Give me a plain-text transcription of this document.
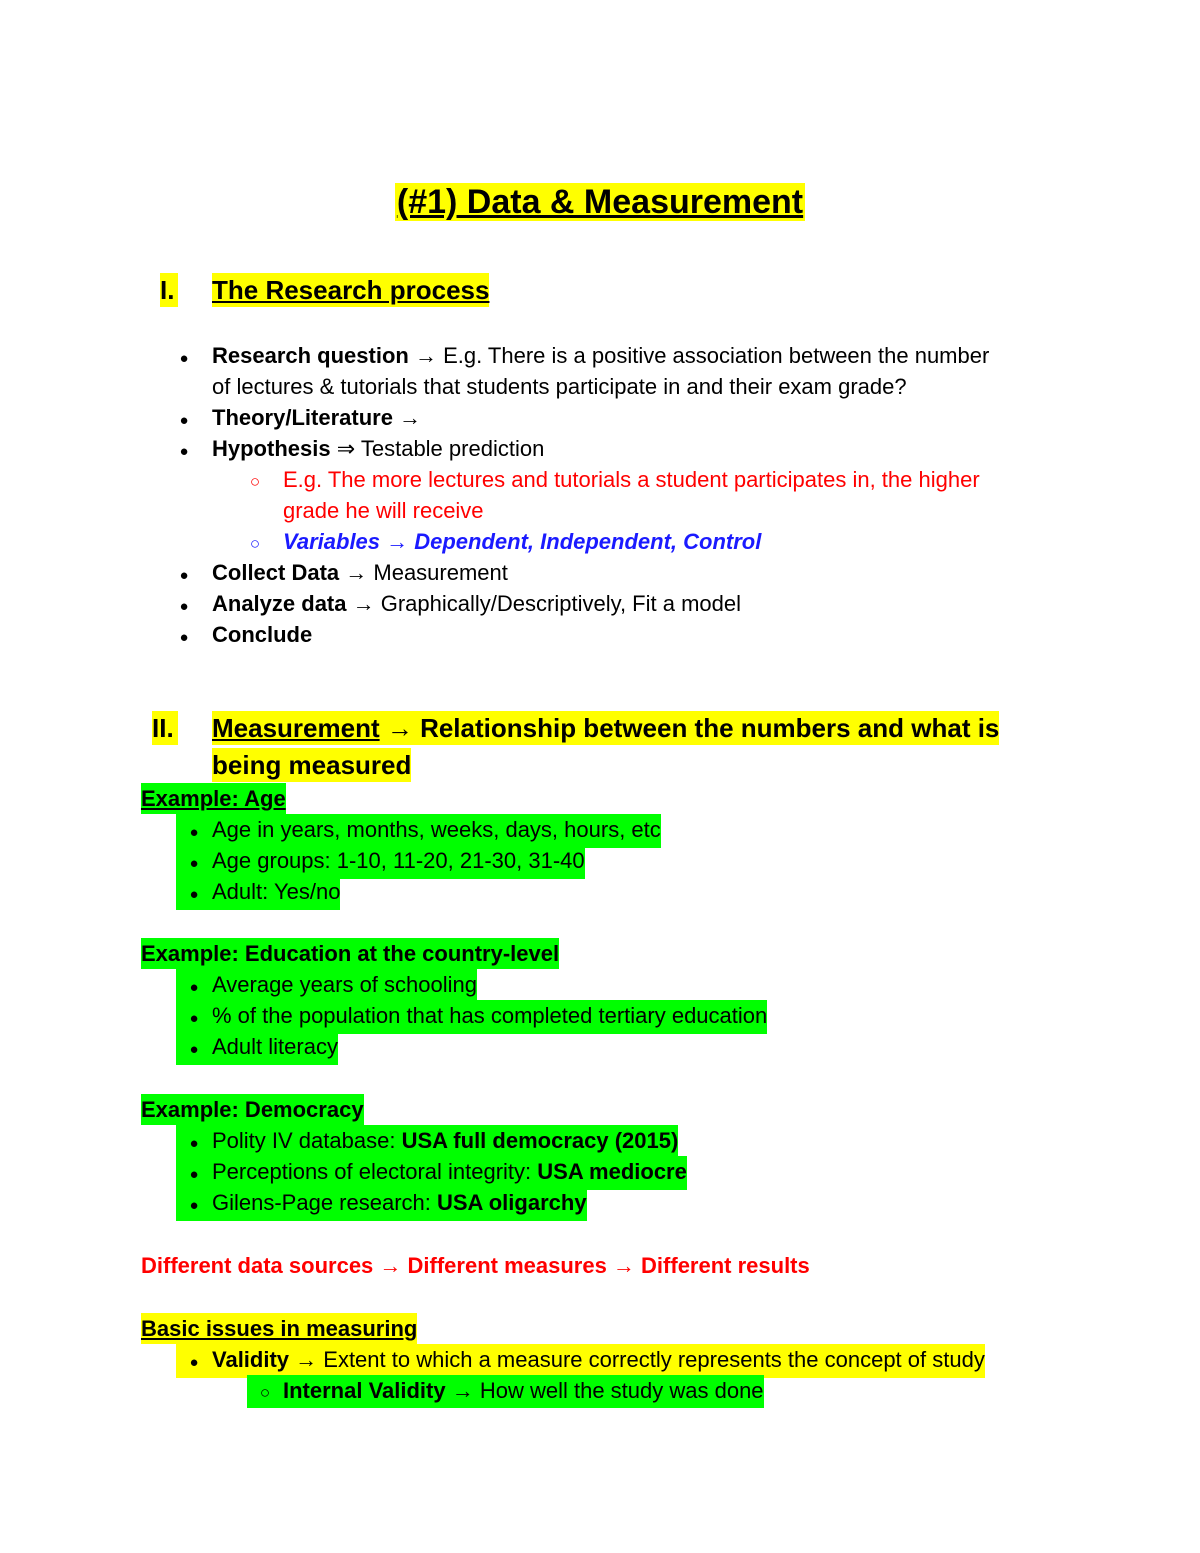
(#1) Data & Measurement
I. The Research process
●
Research question → E.g. There is a positive association between the number
of lectures & tutorials that students participate in and their exam grade?
●
Theory/Literature →
●
Hypothesis ⇒ Testable prediction
○
E.g. The more lectures and tutorials a student participates in, the higher
grade he will receive
○
Variables → Dependent, Independent, Control
●
Collect Data → Measurement
●
Analyze data → Graphically/Descriptively, Fit a model
●
Conclude
II. Measurement → Relationship between the numbers and what is
being measured
Example: Age
●Age in years, months, weeks, days, hours, etc
●Age groups: 1-10, 11-20, 21-30, 31-40
●Adult: Yes/no
Example: Education at the country-level
●Average years of schooling
●% of the population that has completed tertiary education
●Adult literacy
Example: Democracy
●Polity IV database: USA full democracy (2015)
●Perceptions of electoral integrity: USA mediocre
●Gilens-Page research: USA oligarchy
Different data sources → Different measures → Different results
Basic issues in measuring
●Validity → Extent to which a measure correctly represents the concept of study
○Internal Validity → How well the study was done
